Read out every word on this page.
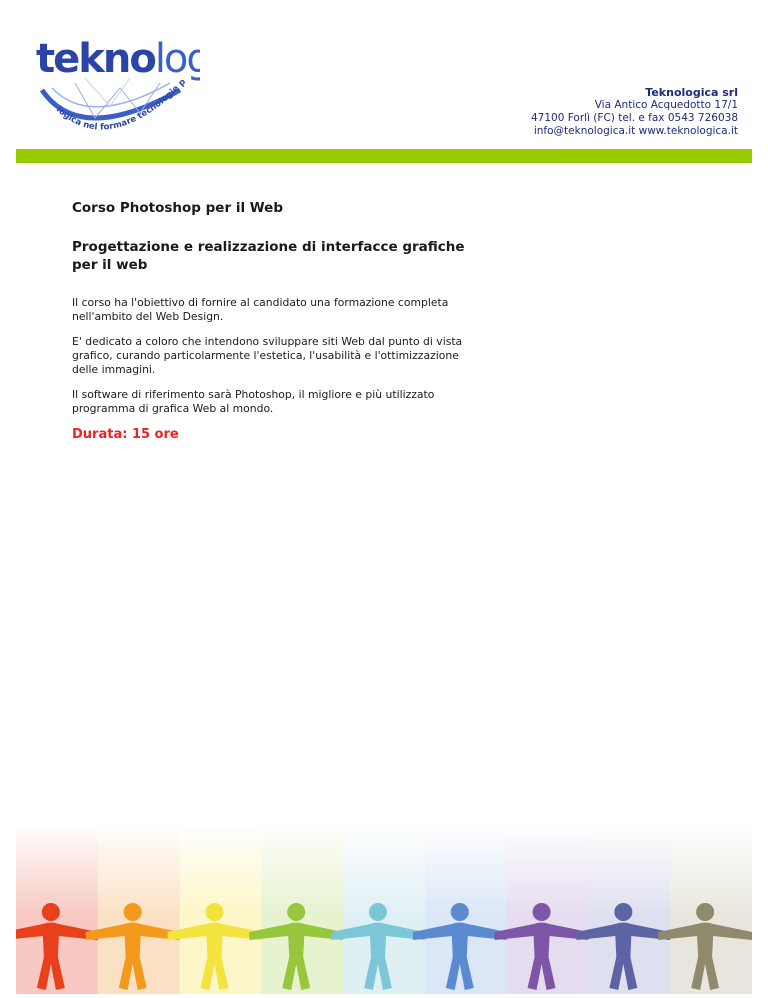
teknolog
logica nel formare tecnologie p
Teknologica srl
Via Antico Acquedotto 17/1
47100 Forlì (FC) tel. e fax 0543 726038
info@teknologica.it www.teknologica.it
Corso Photoshop per il Web
Progettazione e realizzazione di interfacce grafiche per il web

Il corso ha l'obiettivo di fornire al candidato una formazione completa nell'ambito del Web Design.

E' dedicato a coloro che intendono sviluppare siti Web dal punto di vista grafico, curando particolarmente l'estetica, l'usabilità e l'ottimizzazione delle immagini.

Il software di riferimento sarà Photoshop, il migliore e più utilizzato programma di grafica Web al mondo.

Durata: 15 ore
